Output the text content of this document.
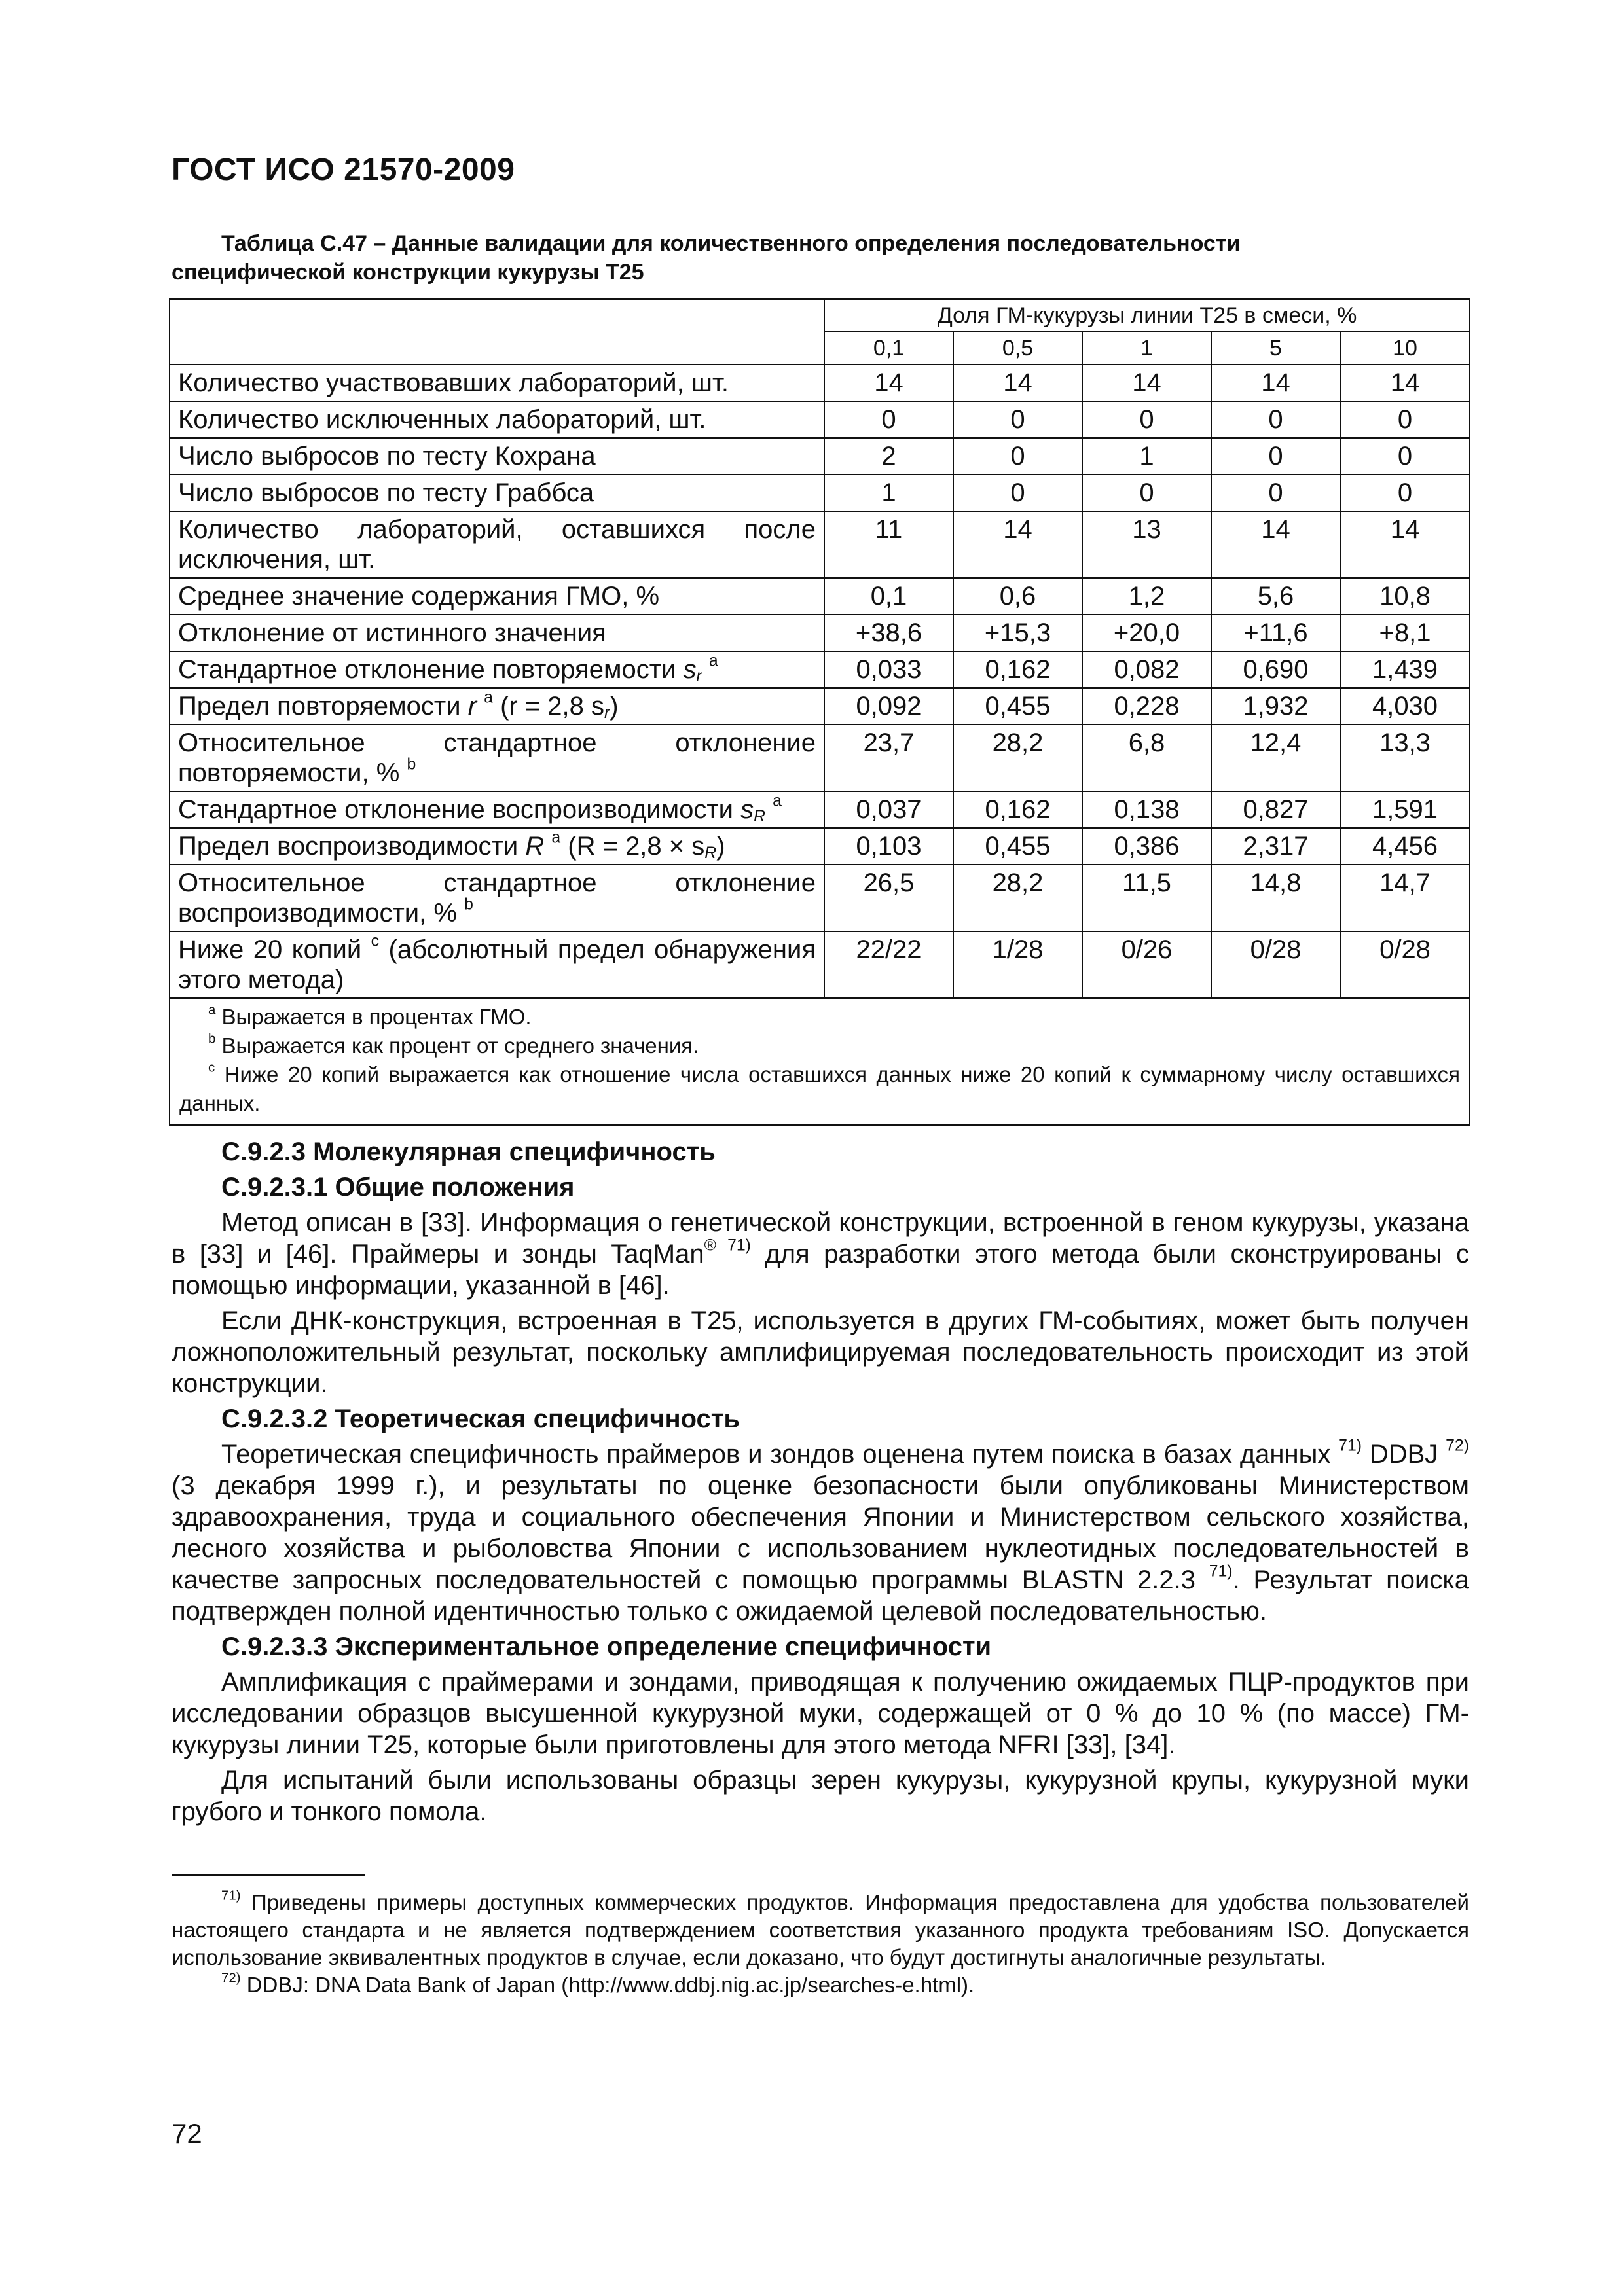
ГОСТ ИСО 21570-2009
Таблица С.47 – Данные валидации для количественного определения последовательности
специфической конструкции кукурузы Т25
	Доля ГМ-кукурузы линии Т25 в смеси, %				
	0,1	0,5	1	5	10
Количество участвовавших лабораторий, шт.	14	14	14	14	14
Количество исключенных лабораторий, шт.	0	0	0	0	0
Число выбросов по тесту Кохрана	2	0	1	0	0
Число выбросов по тесту Граббса	1	0	0	0	0
Количество лабораторий, оставшихся после исключения, шт.	11	14	13	14	14
Среднее значение содержания ГМО, %	0,1	0,6	1,2	5,6	10,8
Отклонение от истинного значения	+38,6	+15,3	+20,0	+11,6	+8,1
Стандартное отклонение повторяемости $s_r$ $^a$	0,033	0,162	0,082	0,690	1,439
Предел повторяемости r $^a$ (r = 2,8 $s_r$)	0,092	0,455	0,228	1,932	4,030
Относительное стандартное отклонение повторяемости, % $^b$	23,7	28,2	6,8	12,4	13,3
Стандартное отклонение воспроизводимости $s_R$ $^a$	0,037	0,162	0,138	0,827	1,591
Предел воспроизводимости R $^a$ $(R = 2,8 \times s_R)$	0,103	0,455	0,386	2,317	4,456
Относительное стандартное отклонение воспроизводимости, % $^b$	26,5	28,2	11,5	14,8	14,7
Ниже 20 копий $^c$ (абсолютный предел обнаружения этого метода)	22/22	1/28	0/26	0/28	0/28

$^a$ Выражается в процентах ГМО.
$^b$ Выражается как процент от среднего значения.
$^c$ Ниже 20 копий выражается как отношение числа оставшихся данных ниже 20 копий к суммарному числу оставшихся данных.					
С.9.2.3 Молекулярная специфичность
С.9.2.3.1 Общие положения

Метод описан в [33]. Информация о генетической конструкции, встроенной в геном кукурузы, указана в [33] и [46]. Праймеры и зонды TaqMan$^{® 71)}$ для разработки этого метода были сконструированы с помощью информации, указанной в [46].

Если ДНК-конструкция, встроенная в Т25, используется в других ГМ-событиях, может быть получен ложноположительный результат, поскольку амплифицируемая последовательность происходит из этой конструкции.

С.9.2.3.2 Теоретическая специфичность

Теоретическая специфичность праймеров и зондов оценена путем поиска в базах данных $^{71)}$ DDBJ $^{72)}$ (3 декабря 1999 г.), и результаты по оценке безопасности были опубликованы Министерством здравоохранения, труда и социального обеспечения Японии и Министерством сельского хозяйства, лесного хозяйства и рыболовства Японии с использованием нуклеотидных последовательностей в качестве запросных последовательностей с помощью программы BLASTN 2.2.3 $^{71)}$. Результат поиска подтвержден полной идентичностью только с ожидаемой целевой последовательностью.

С.9.2.3.3 Экспериментальное определение специфичности

Амплификация с праймерами и зондами, приводящая к получению ожидаемых ПЦР-продуктов при исследовании образцов высушенной кукурузной муки, содержащей от 0 % до 10 % (по массе) ГМ-кукурузы линии Т25, которые были приготовлены для этого метода NFRI [33], [34].

Для испытаний были использованы образцы зерен кукурузы, кукурузной крупы, кукурузной муки грубого и тонкого помола.

$^{71)}$ Приведены примеры доступных коммерческих продуктов. Информация предоставлена для удобства пользователей настоящего стандарта и не является подтверждением соответствия указанного продукта требованиям ISO. Допускается использование эквивалентных продуктов в случае, если доказано, что будут достигнуты аналогичные результаты.
$^{72)}$ DDBJ: DNA Data Bank of Japan (http://www.ddbj.nig.ac.jp/searches-e.html).
72
